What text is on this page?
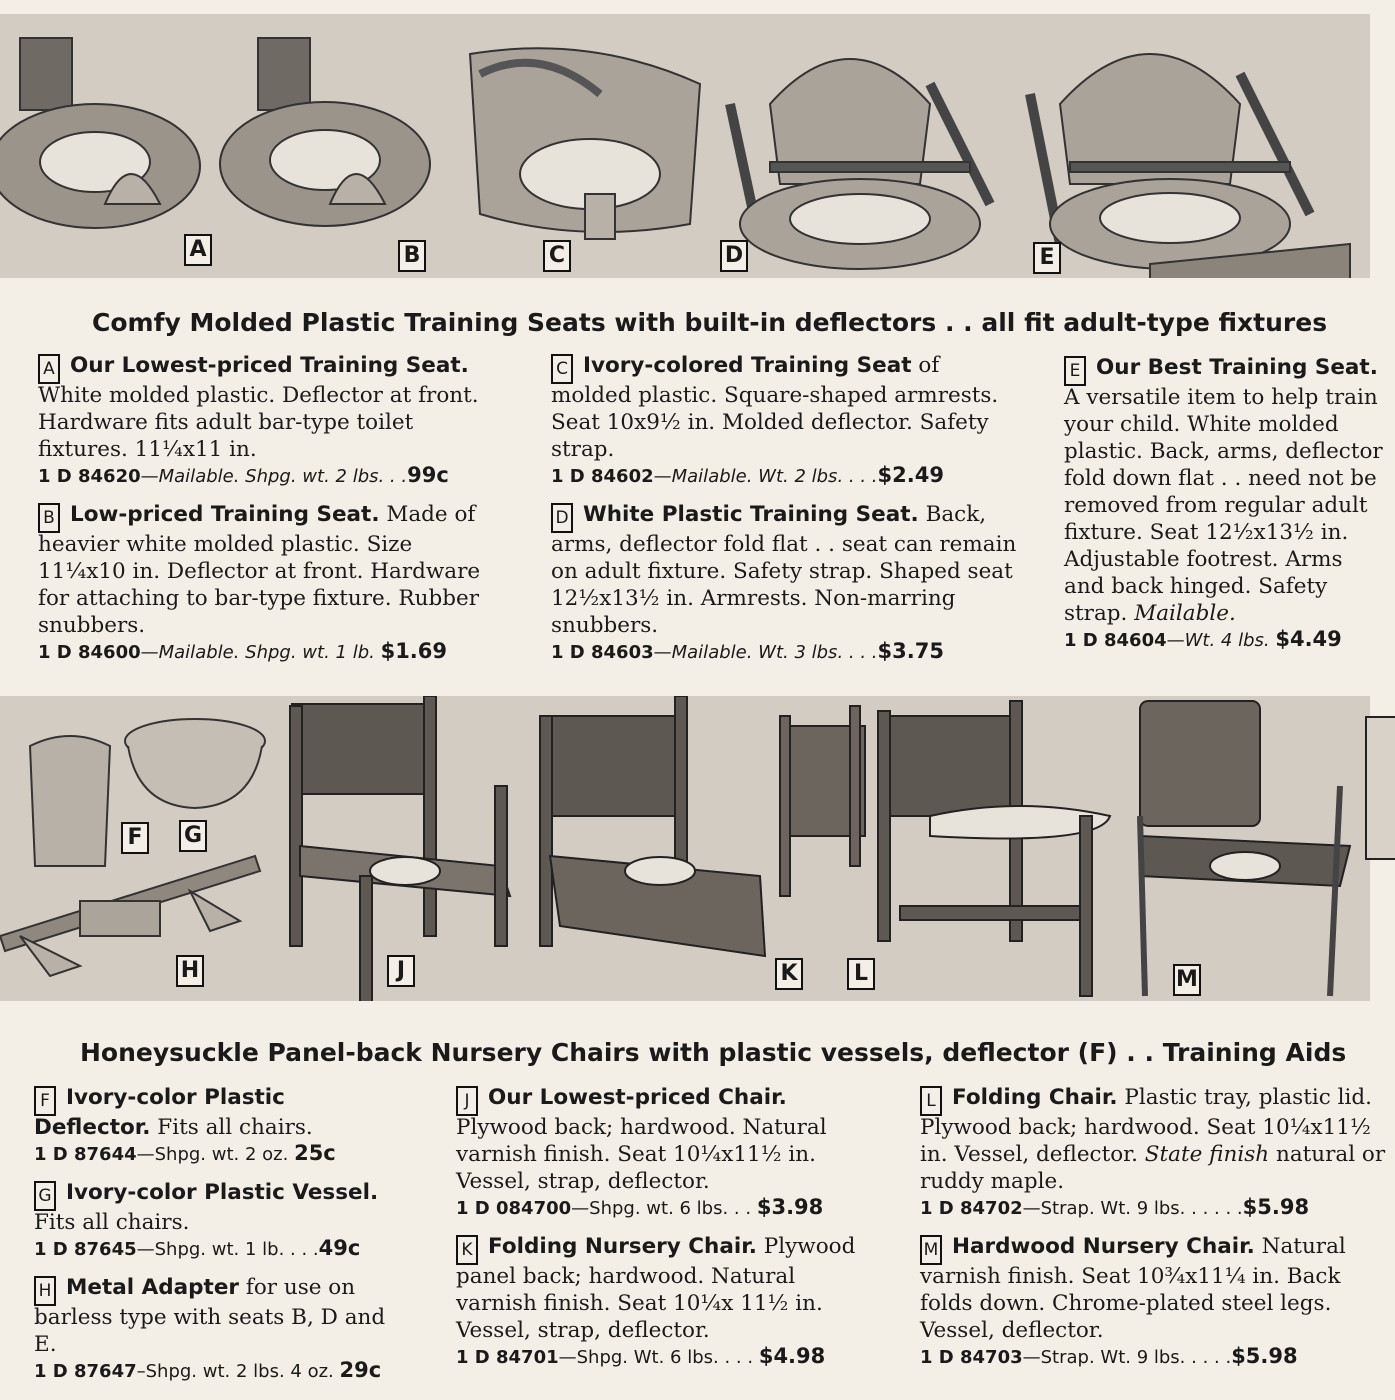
A	B	C	D	E
Comfy Molded Plastic Training Seats with built-in deflectors . . all fit adult-type fixtures

A Our Lowest-priced Training Seat. White molded plastic. Deflector at front. Hardware fits adult bar-type toilet fixtures. 11¼x11 in.

1 D 84620—Mailable. Shpg. wt. 2 lbs. . .99c

B Low-priced Training Seat. Made of heavier white molded plastic. Size 11¼x10 in. Deflector at front. Hardware for attaching to bar-type fixture. Rubber snubbers.

1 D 84600—Mailable. Shpg. wt. 1 lb. $1.69

C Ivory-colored Training Seat of molded plastic. Square-shaped armrests. Seat 10x9½ in. Molded deflector. Safety strap.

1 D 84602—Mailable. Wt. 2 lbs. . . .$2.49

D White Plastic Training Seat. Back, arms, deflector fold flat . . seat can remain on adult fixture. Safety strap. Shaped seat 12½x13½ in. Armrests. Non-marring snubbers.

1 D 84603—Mailable. Wt. 3 lbs. . . .$3.75

E Our Best Training Seat. A versatile item to help train your child. White molded plastic. Back, arms, deflector fold down flat . . need not be removed from regular adult fixture. Seat 12½x13½ in. Adjustable footrest. Arms and back hinged. Safety strap. Mailable.

1 D 84604—Wt. 4 lbs. $4.49
F G
H	J	K	L	M
Honeysuckle Panel-back Nursery Chairs with plastic vessels, deflector (F) . . Training Aids

F Ivory-color Plastic Deflector. Fits all chairs.

1 D 87644—Shpg. wt. 2 oz. 25c

G Ivory-color Plastic Vessel. Fits all chairs.

1 D 87645—Shpg. wt. 1 lb. . . .49c

H Metal Adapter for use on barless type with seats B, D and E.

1 D 87647–Shpg. wt. 2 lbs. 4 oz. 29c

J Our Lowest-priced Chair. Plywood back; hardwood. Natural varnish finish. Seat 10¼x11½ in. Vessel, strap, deflector.

1 D 084700—Shpg. wt. 6 lbs. . . $3.98

K Folding Nursery Chair. Plywood panel back; hardwood. Natural varnish finish. Seat 10¼x 11½ in. Vessel, strap, deflector.

1 D 84701—Shpg. Wt. 6 lbs. . . . $4.98

L Folding Chair. Plastic tray, plastic lid. Plywood back; hardwood. Seat 10¼x11½ in. Vessel, deflector. State finish natural or ruddy maple.

1 D 84702—Strap. Wt. 9 lbs. . . . . .$5.98

M Hardwood Nursery Chair. Natural varnish finish. Seat 10¾x11¼ in. Back folds down. Chrome-plated steel legs. Vessel, deflector.

1 D 84703—Strap. Wt. 9 lbs. . . . .$5.98
